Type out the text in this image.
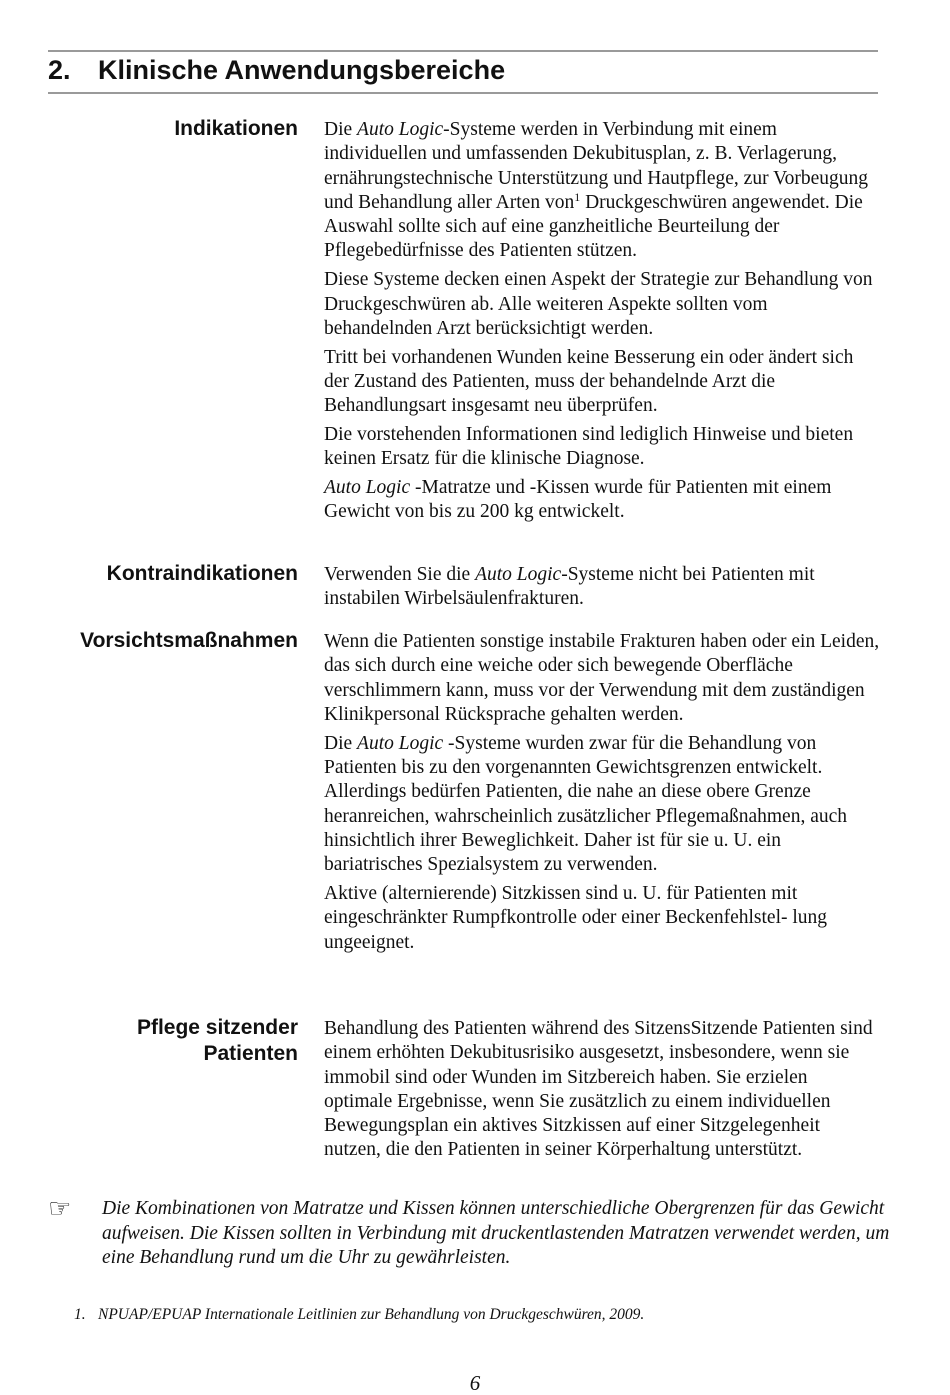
2. Klinische Anwendungsbereiche
Indikationen Die Auto Logic-Systeme werden in Verbindung mit einem individuellen und umfassenden Dekubitusplan, z. B. Verlagerung, ernährungstechnische Unterstützung und Hautpflege, zur Vorbeugung und Behandlung aller Arten von$^1$ Druckgeschwüren angewendet. Die Auswahl sollte sich auf eine ganzheitliche Beurteilung der Pflegebedürfnisse des Patienten stützen.

Diese Systeme decken einen Aspekt der Strategie zur Behandlung von Druckgeschwüren ab. Alle weiteren Aspekte sollten vom behandelnden Arzt berücksichtigt werden.

Tritt bei vorhandenen Wunden keine Besserung ein oder ändert sich der Zustand des Patienten, muss der behandelnde Arzt die Behandlungsart insgesamt neu überprüfen.

Die vorstehenden Informationen sind lediglich Hinweise und bieten keinen Ersatz für die klinische Diagnose.

Auto Logic -Matratze und -Kissen wurde für Patienten mit einem Gewicht von bis zu 200 kg entwickelt.

Kontraindikationen Verwenden Sie die Auto Logic-Systeme nicht bei Patienten mit instabilen Wirbelsäulenfrakturen.

Vorsichtsmaßnahmen Wenn die Patienten sonstige instabile Frakturen haben oder ein Leiden, das sich durch eine weiche oder sich bewegende Oberfläche verschlimmern kann, muss vor der Verwendung mit dem zuständigen Klinikpersonal Rücksprache gehalten werden.

Die Auto Logic -Systeme wurden zwar für die Behandlung von Patienten bis zu den vorgenannten Gewichtsgrenzen entwickelt. Allerdings bedürfen Patienten, die nahe an diese obere Grenze heranreichen, wahrscheinlich zusätzlicher Pflegemaßnahmen, auch hinsichtlich ihrer Beweglichkeit. Daher ist für sie u. U. ein bariatrisches Spezialsystem zu verwenden.

Aktive (alternierende) Sitzkissen sind u. U. für Patienten mit eingeschränkter Rumpfkontrolle oder einer Beckenfehlstel- lung ungeeignet.

Pflege sitzender
Patienten

Behandlung des Patienten während des SitzensSitzende Patienten sind einem erhöhten Dekubitusrisiko ausgesetzt, insbesondere, wenn sie immobil sind oder Wunden im Sitzbereich haben. Sie erzielen optimale Ergebnisse, wenn Sie zusätzlich zu einem individuellen Bewegungsplan ein aktives Sitzkissen auf einer Sitzgelegenheit nutzen, die den Patienten in seiner Körperhaltung unterstützt.

☞ Die Kombinationen von Matratze und Kissen können unterschiedliche Obergrenzen für das Gewicht aufweisen. Die Kissen sollten in Verbindung mit druckentlastenden Matratzen verwendet werden, um eine Behandlung rund um die Uhr zu gewährleisten.
1. NPUAP/EPUAP Internationale Leitlinien zur Behandlung von Druckgeschwüren, 2009.
6
